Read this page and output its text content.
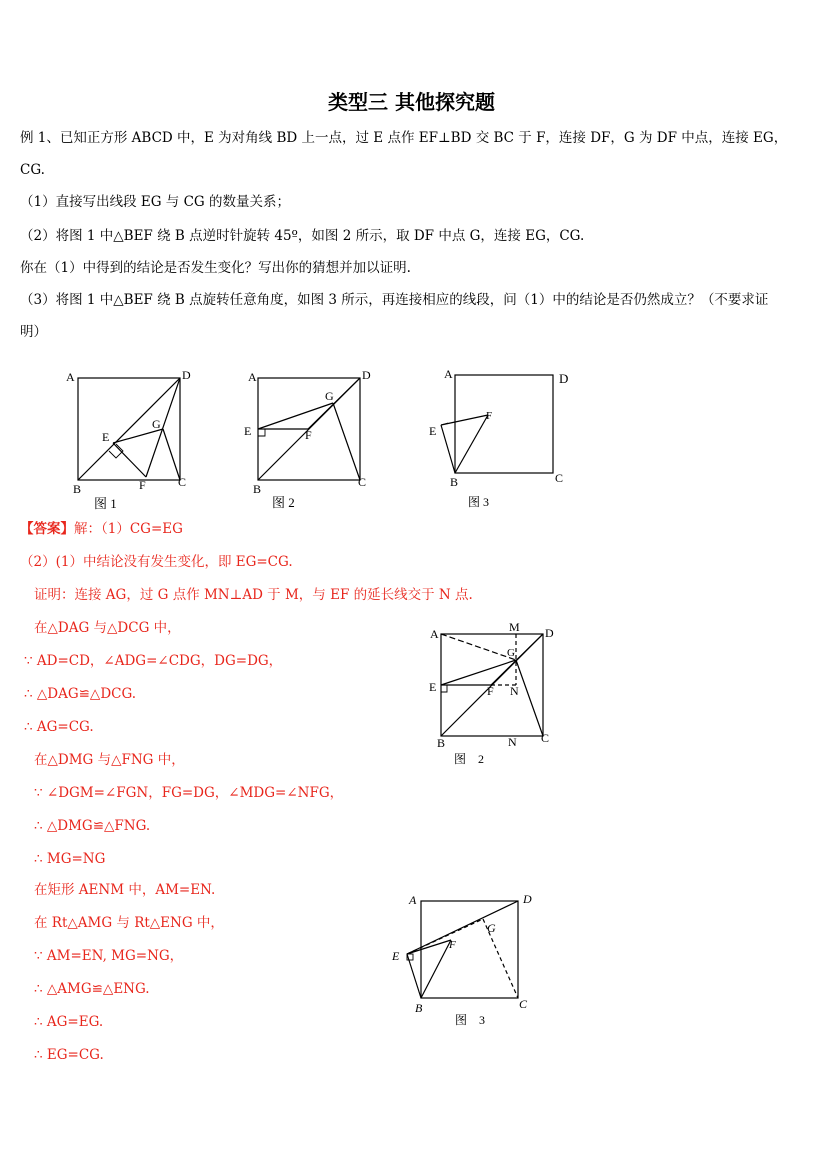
类型三 其他探究题
例 1、已知正方形 ABCD 中，E 为对角线 BD 上一点，过 E 点作 EF⊥BD 交 BC 于 F，连接 DF，G 为 DF 中点，连接 EG，
CG.
（1）直接写出线段 EG 与 CG 的数量关系；
（2）将图 1 中△BEF 绕 B 点逆时针旋转 45º，如图 2 所示，取 DF 中点 G，连接 EG，CG.
你在（1）中得到的结论是否发生变化？写出你的猜想并加以证明.
（3）将图 1 中△BEF 绕 B 点旋转任意角度，如图 3 所示，再连接相应的线段，问（1）中的结论是否仍然成立？（不要求证
明）
A	D
B	C
E
F
G
图 1
A	D
B	C
E	F
G
图 2
A	D
B	C
E
F
图 3
【答案】解：（1）CG=EG
（2）(1）中结论没有发生变化，即 EG=CG.
证明：连接 AG，过 G 点作 MN⊥AD 于 M，与 EF 的延长线交于 N 点.
在△DAG 与△DCG 中，
∵ AD=CD，∠ADG=∠CDG，DG=DG，
∴ △DAG≌△DCG.
∴ AG=CG.
在△DMG 与△FNG 中，
∵ ∠DGM=∠FGN，FG=DG，∠MDG=∠NFG，
∴ △DMG≌△FNG.
∴ MG=NG
在矩形 AENM 中，AM=EN.
在 Rt△AMG 与 Rt△ENG 中，
∵ AM=EN, MG=NG，
∴ △AMG≌△ENG.
∴ AG=EG.
∴ EG=CG.
A	M D
G
E	F N
B	N C
图　2
A	D
G
E
F
B	C
图　3
